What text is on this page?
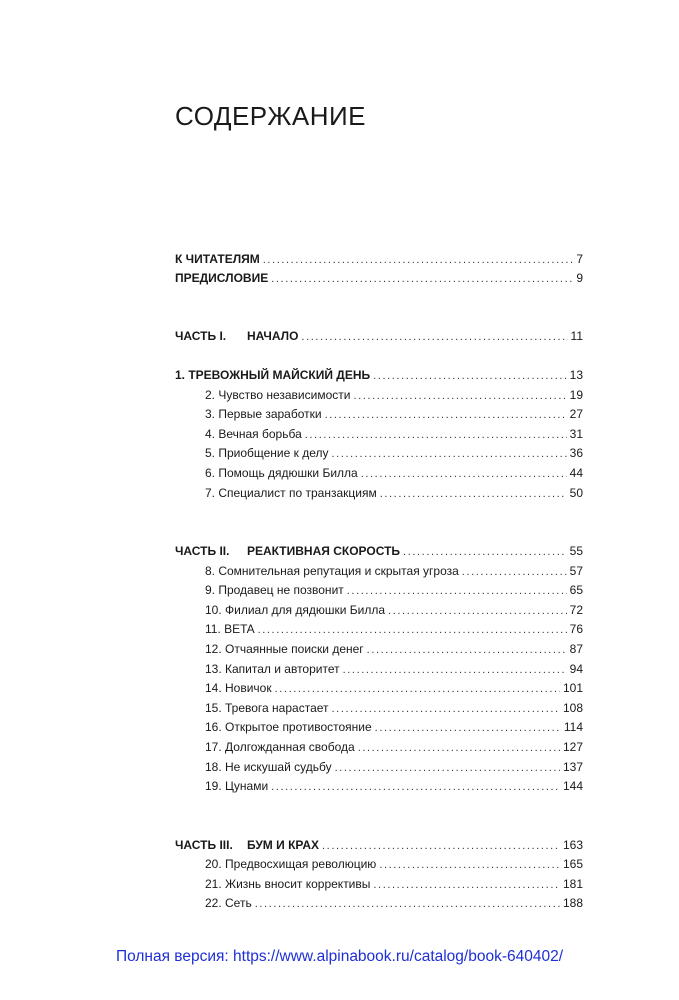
СОДЕРЖАНИЕ
К ЧИТАТЕЛЯМ .....	7
ПРЕДИСЛОВИЕ .....	9
ЧАСТЬ I.	НАЧАЛО .....	11
1. ТРЕВОЖНЫЙ МАЙСКИЙ ДЕНЬ .....	13
2. Чувство независимости .....	19
3. Первые заработки .....	27
4. Вечная борьба .....	31
5. Приобщение к делу .....	36
6. Помощь дядюшки Билла .....	44
7. Специалист по транзакциям .....	50
ЧАСТЬ II.	РЕАКТИВНАЯ СКОРОСТЬ .....	55
8. Сомнительная репутация и скрытая угроза .....	57
9. Продавец не позвонит .....	65
10. Филиал для дядюшки Билла .....	72
11. BETA .....	76
12. Отчаянные поиски денег .....	87
13. Капитал и авторитет .....	94
14. Новичок .....	101
15. Тревога нарастает .....	108
16. Открытое противостояние .....	114
17. Долгожданная свобода .....	127
18. Не искушай судьбу .....	137
19. Цунами .....	144
ЧАСТЬ III.	БУМ И КРАХ .....	163
20. Предвосхищая революцию .....	165
21. Жизнь вносит коррективы .....	181
22. Сеть .....	188
Полная версия: https://www.alpinabook.ru/catalog/book-640402/
